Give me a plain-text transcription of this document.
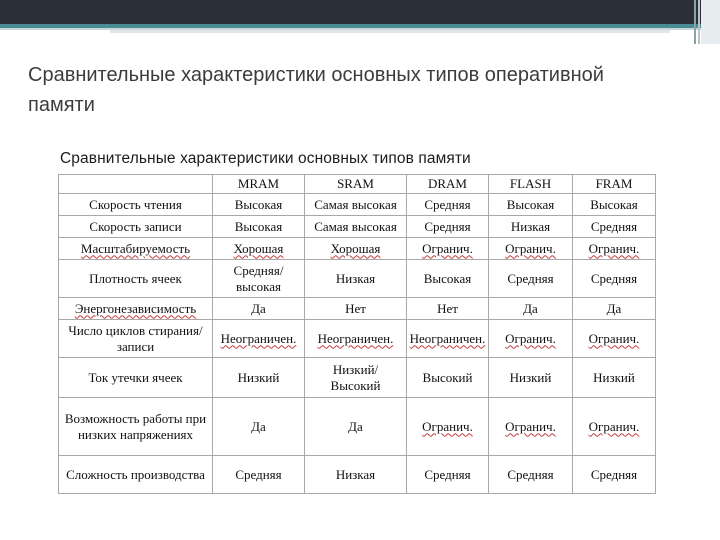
Сравнительные характеристики основных типов оперативной памяти
Сравнительные характеристики основных типов памяти
	MRAM	SRAM	DRAM	FLASH	FRAM
Скорость чтения	Высокая	Самая высокая	Средняя	Высокая	Высокая
Скорость записи	Высокая	Самая высокая	Средняя	Низкая	Средняя
Масштабируемость	Хорошая	Хорошая	Огранич.	Огранич.	Огранич.
Плотность ячеек	Средняя/ высокая	Низкая	Высокая	Средняя	Средняя
Энергонезависимость	Да	Нет	Нет	Да	Да
Число циклов стирания/записи	Неограничен.	Неограничен.	Неограничен.	Огранич.	Огранич.
Ток утечки ячеек	Низкий	Низкий/ Высокий	Высокий	Низкий	Низкий
Возможность работы при низких напряжениях	Да	Да	Огранич.	Огранич.	Огранич.
Сложность производства	Средняя	Низкая	Средняя	Средняя	Средняя
